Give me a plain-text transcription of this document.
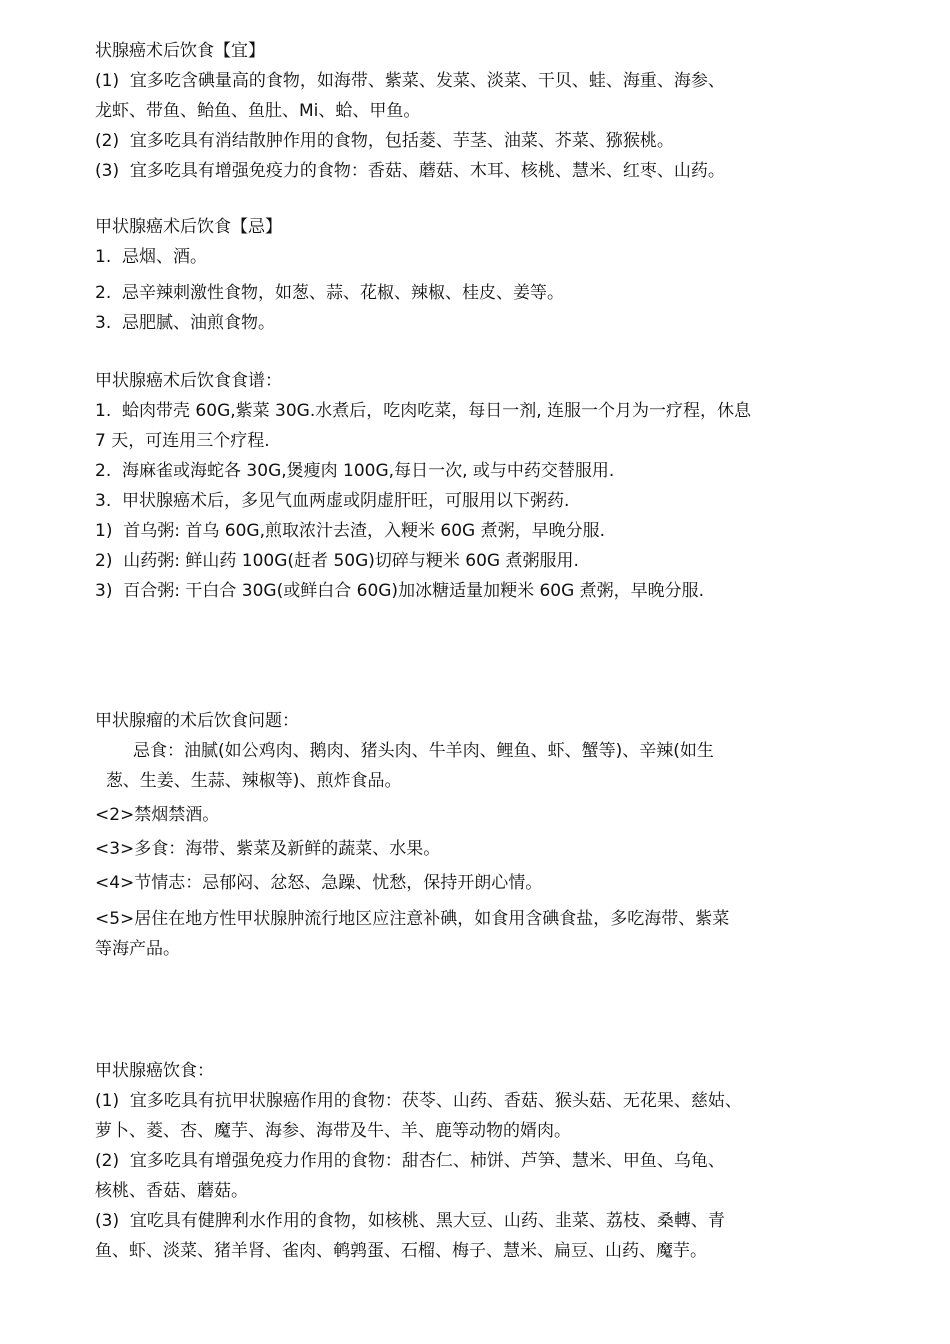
状腺癌术后饮食【宜】

(1)  宜多吃含碘量高的食物，如海带、紫菜、发菜、淡菜、干贝、蛙、海重、海参、

龙虾、带鱼、鲐鱼、鱼肚、Mi、蛤、甲鱼。

(2)  宜多吃具有消结散肿作用的食物，包括菱、芋茎、油菜、芥菜、猕猴桃。

(3)  宜多吃具有增强免疫力的食物：香菇、蘑菇、木耳、核桃、慧米、红枣、山药。

甲状腺癌术后饮食【忌】

1.  忌烟、酒。

2.  忌辛辣刺激性食物，如葱、蒜、花椒、辣椒、桂皮、姜等。

3.  忌肥腻、油煎食物。

甲状腺癌术后饮食食谱：

1.  蛤肉带壳 60G,紫菜 30G.水煮后，吃肉吃菜，每日一剂, 连服一个月为一疗程，休息

7 天，可连用三个疗程.

2.  海麻雀或海蛇各 30G,煲瘦肉 100G,每日一次, 或与中药交替服用.

3.  甲状腺癌术后，多见气血两虚或阴虚肝旺，可服用以下粥药.

1)  首乌粥: 首乌 60G,煎取浓汁去渣，入粳米 60G 煮粥，早晚分服.

2)  山药粥: 鲜山药 100G(赶者 50G)切碎与粳米 60G 煮粥服用.

3)  百合粥: 干白合 30G(或鲜白合 60G)加冰糖适量加粳米 60G 煮粥，早晚分服.

甲状腺瘤的术后饮食问题：

忌食：油腻(如公鸡肉、鹅肉、猪头肉、牛羊肉、鲤鱼、虾、蟹等)、辛辣(如生

葱、生姜、生蒜、辣椒等)、煎炸食品。

<2>禁烟禁酒。

<3>多食：海带、紫菜及新鲜的蔬菜、水果。

<4>节情志：忌郁闷、忿怒、急躁、忧愁，保持开朗心情。

<5>居住在地方性甲状腺肿流行地区应注意补碘，如食用含碘食盐，多吃海带、紫菜

等海产品。

甲状腺癌饮食：

(1)  宜多吃具有抗甲状腺癌作用的食物：茯苓、山药、香菇、猴头菇、无花果、慈姑、

萝卜、菱、杏、魔芋、海参、海带及牛、羊、鹿等动物的婿肉。

(2)  宜多吃具有增强免疫力作用的食物：甜杏仁、柿饼、芦笋、慧米、甲鱼、乌龟、

核桃、香菇、蘑菇。

(3)  宜吃具有健脾利水作用的食物，如核桃、黑大豆、山药、韭菜、荔枝、桑轉、青

鱼、虾、淡菜、猪羊肾、雀肉、鹌鹑蛋、石榴、梅子、慧米、扁豆、山药、魔芋。
